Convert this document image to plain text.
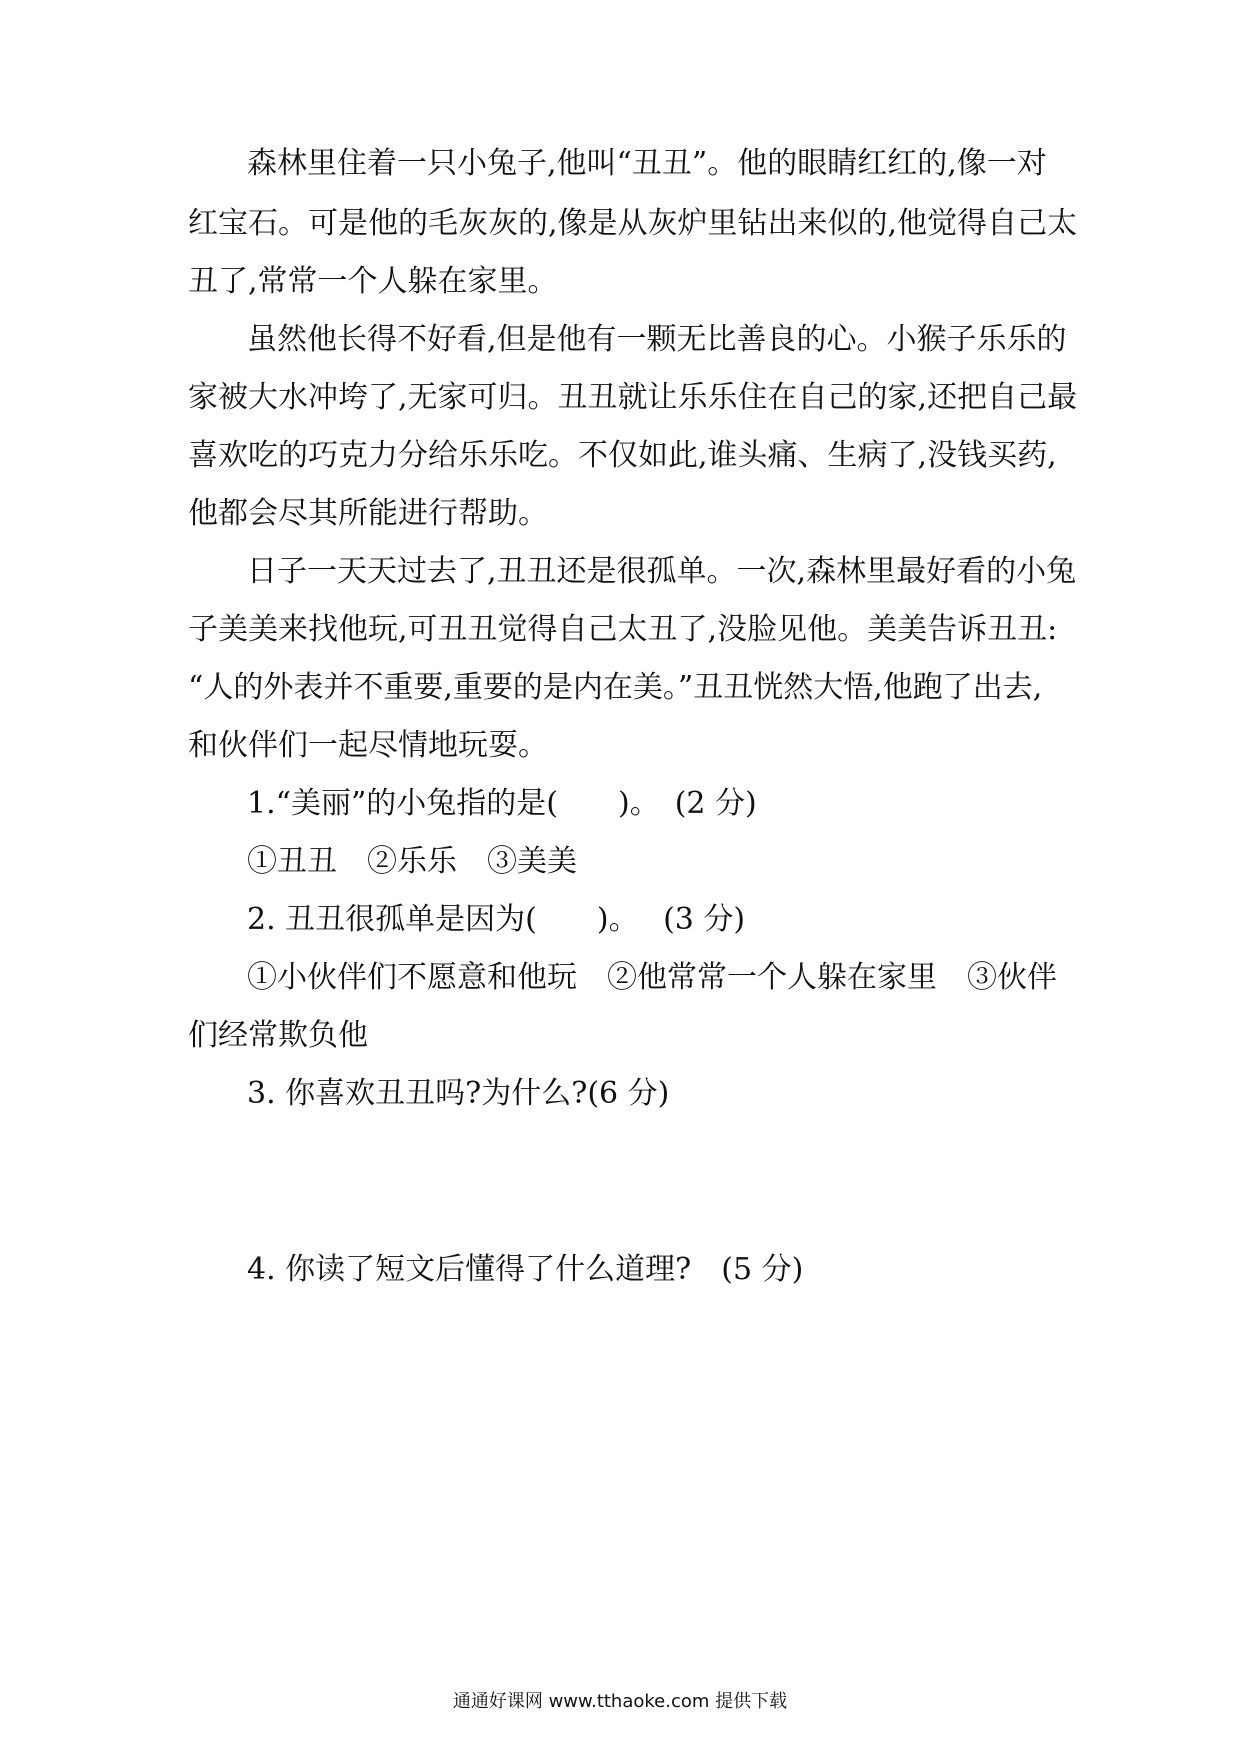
森林里住着一只小兔子,他叫“丑丑”。他的眼睛红红的,像一对
红宝石。可是他的毛灰灰的,像是从灰炉里钻出来似的,他觉得自己太
丑了,常常一个人躲在家里。
虽然他长得不好看,但是他有一颗无比善良的心。小猴子乐乐的
家被大水冲垮了,无家可归。丑丑就让乐乐住在自己的家,还把自己最
喜欢吃的巧克力分给乐乐吃。不仅如此,谁头痛、生病了,没钱买药,
他都会尽其所能进行帮助。
日子一天天过去了,丑丑还是很孤单。一次,森林里最好看的小兔
子美美来找他玩,可丑丑觉得自己太丑了,没脸见他。美美告诉丑丑:
“人的外表并不重要,重要的是内在美。”丑丑恍然大悟,他跑了出去,
和伙伴们一起尽情地玩耍。
1.“美丽”的小兔指的是(　　)。　(2 分)
①丑丑　②乐乐　③美美
2. 丑丑很孤单是因为(　　)。　 (3 分)
①小伙伴们不愿意和他玩　②他常常一个人躲在家里　③伙伴
们经常欺负他
3. 你喜欢丑丑吗?为什么?(6 分)
4. 你读了短文后懂得了什么道理?　(5 分)
通通好课网 www.tthaoke.com 提供下载
